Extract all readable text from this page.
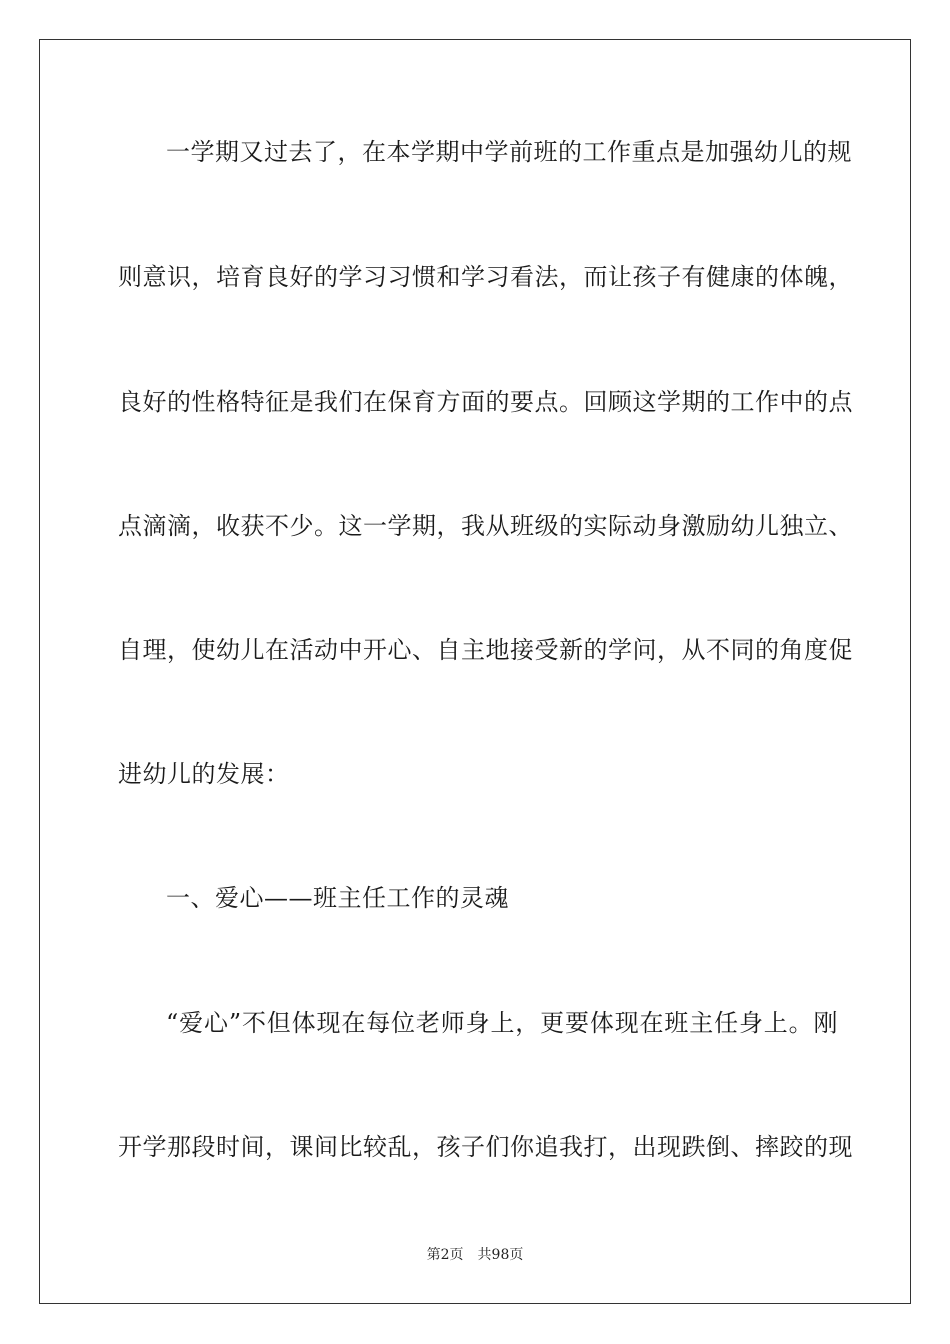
一学期又过去了，在本学期中学前班的工作重点是加强幼儿的规
则意识，培育良好的学习习惯和学习看法，而让孩子有健康的体魄，
良好的性格特征是我们在保育方面的要点。回顾这学期的工作中的点
点滴滴，收获不少。这一学期，我从班级的实际动身激励幼儿独立、
自理，使幼儿在活动中开心、自主地接受新的学问，从不同的角度促
进幼儿的发展：
一、爱心——班主任工作的灵魂
“爱心”不但体现在每位老师身上，更要体现在班主任身上。刚
开学那段时间，课间比较乱，孩子们你追我打，出现跌倒、摔跤的现
第2页 共98页
